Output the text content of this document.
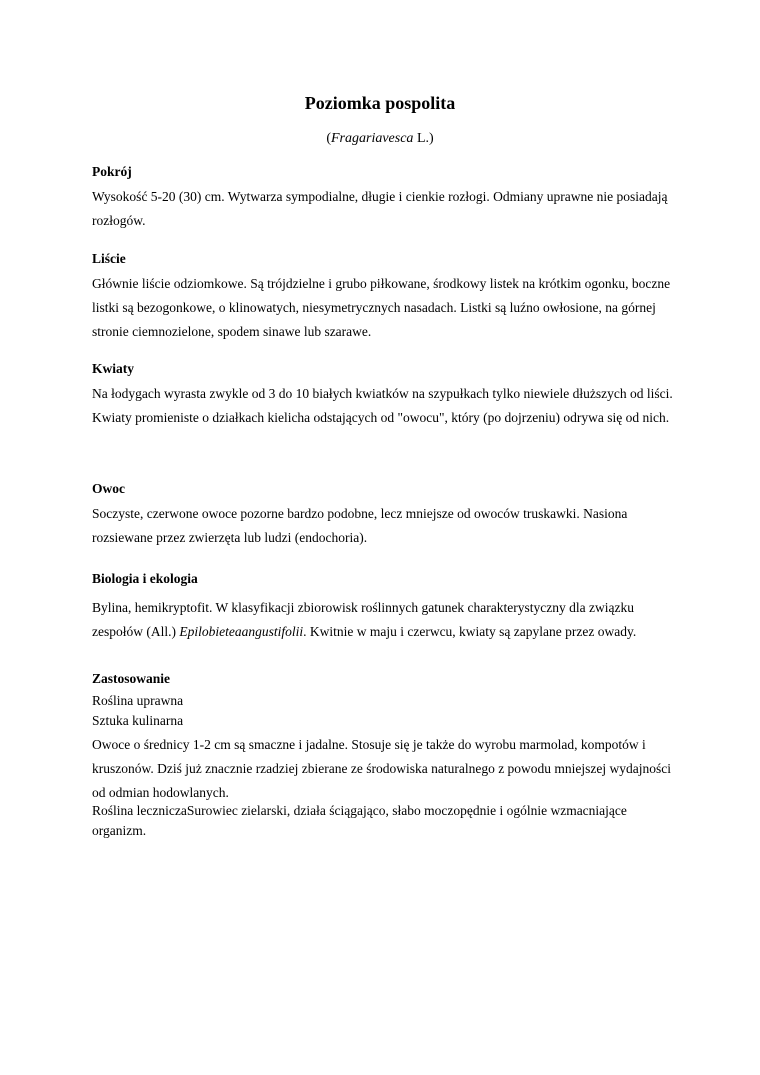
Poziomka pospolita
(Fragariavesca L.)
Pokrój
Wysokość 5-20 (30) cm. Wytwarza sympodialne, długie i cienkie rozłogi. Odmiany uprawne nie posiadają rozłogów.
Liście
Głównie liście odziomkowe. Są trójdzielne i grubo piłkowane, środkowy listek na krótkim ogonku, boczne listki są bezogonkowe, o klinowatych, niesymetrycznych nasadach. Listki są luźno owłosione, na górnej stronie ciemnozielone, spodem sinawe lub szarawe.
Kwiaty
Na łodygach wyrasta zwykle od 3 do 10 białych kwiatków na szypułkach tylko niewiele dłuższych od liści. Kwiaty promieniste o działkach kielicha odstających od "owocu", który (po dojrzeniu) odrywa się od nich.
Owoc
Soczyste, czerwone owoce pozorne bardzo podobne, lecz mniejsze od owoców truskawki. Nasiona rozsiewane przez zwierzęta lub ludzi (endochoria).
Biologia i ekologia
Bylina, hemikryptofit. W klasyfikacji zbiorowisk roślinnych gatunek charakterystyczny dla związku zespołów (All.) Epilobieteaangustifolii. Kwitnie w maju i czerwcu, kwiaty są zapylane przez owady.
Zastosowanie
Roślina uprawna
Sztuka kulinarna
Owoce o średnicy 1-2 cm są smaczne i jadalne. Stosuje się je także do wyrobu marmolad, kompotów i kruszonów. Dziś już znacznie rzadziej zbierane ze środowiska naturalnego z powodu mniejszej wydajności od odmian hodowlanych.
Roślina leczniczaSurowiec zielarski, działa ściągająco, słabo moczopędnie i ogólnie wzmacniające organizm.
